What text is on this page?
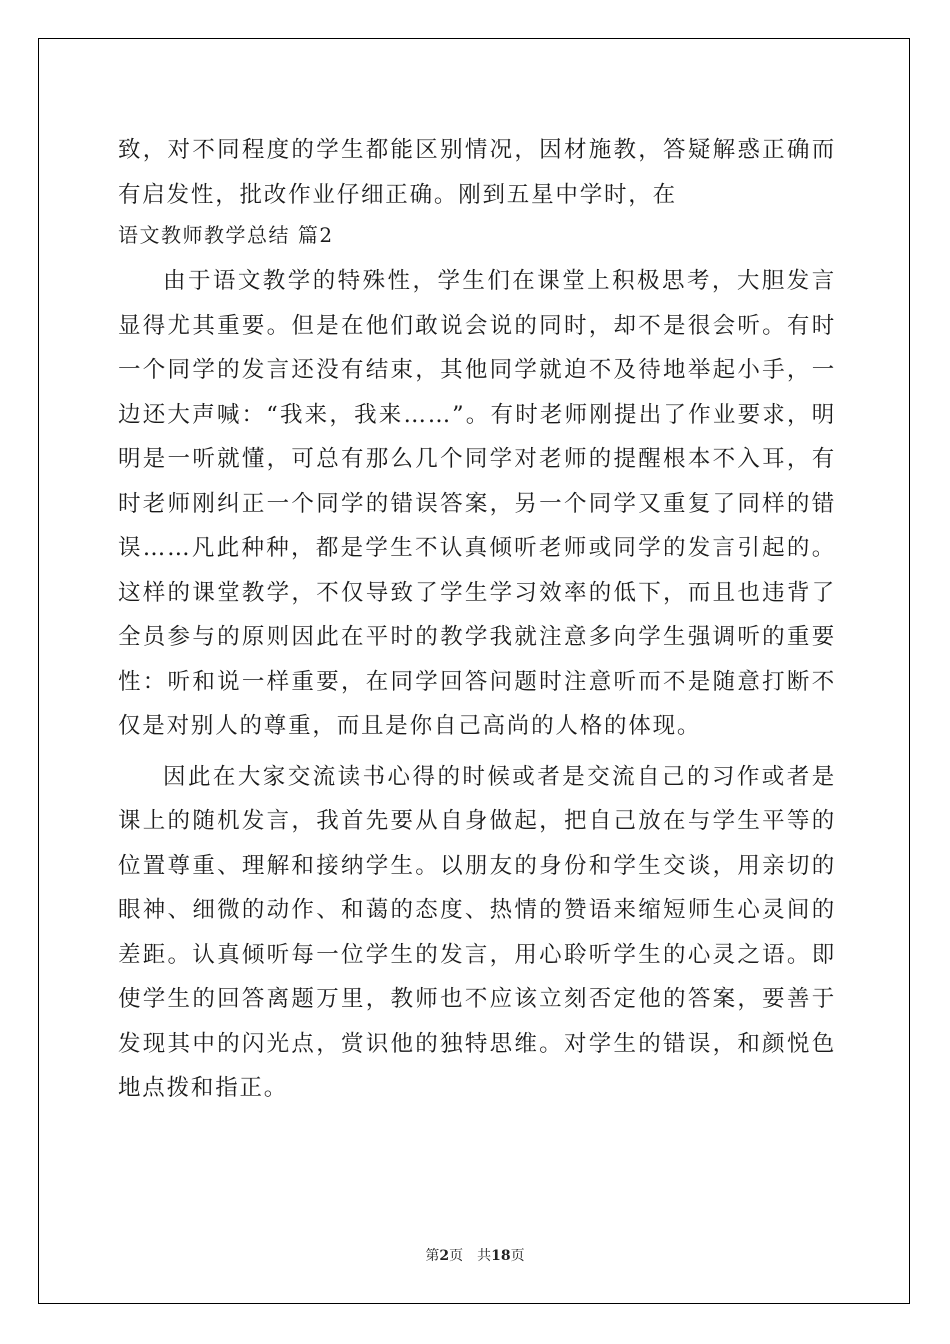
致，对不同程度的学生都能区别情况，因材施教，答疑解惑正确而有启发性，批改作业仔细正确。刚到五星中学时，在

语文教师教学总结 篇2

由于语文教学的特殊性，学生们在课堂上积极思考，大胆发言显得尤其重要。但是在他们敢说会说的同时，却不是很会听。有时一个同学的发言还没有结束，其他同学就迫不及待地举起小手，一边还大声喊：“我来，我来……”。有时老师刚提出了作业要求，明明是一听就懂，可总有那么几个同学对老师的提醒根本不入耳，有时老师刚纠正一个同学的错误答案，另一个同学又重复了同样的错误……凡此种种，都是学生不认真倾听老师或同学的发言引起的。这样的课堂教学，不仅导致了学生学习效率的低下，而且也违背了全员参与的原则因此在平时的教学我就注意多向学生强调听的重要性：听和说一样重要，在同学回答问题时注意听而不是随意打断不仅是对别人的尊重，而且是你自己高尚的人格的体现。

因此在大家交流读书心得的时候或者是交流自己的习作或者是课上的随机发言，我首先要从自身做起，把自己放在与学生平等的位置尊重、理解和接纳学生。以朋友的身份和学生交谈，用亲切的眼神、细微的动作、和蔼的态度、热情的赞语来缩短师生心灵间的差距。认真倾听每一位学生的发言，用心聆听学生的心灵之语。即使学生的回答离题万里，教师也不应该立刻否定他的答案，要善于发现其中的闪光点，赏识他的独特思维。对学生的错误，和颜悦色地点拨和指正。

第2页　共18页
